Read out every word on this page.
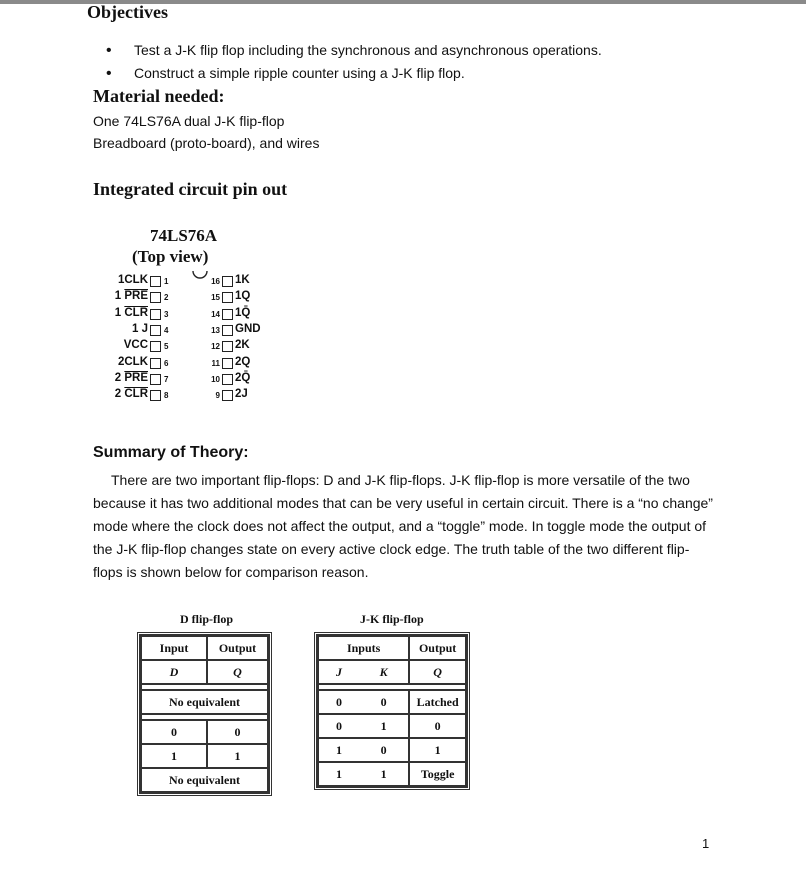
Objectives
• Test a J-K flip flop including the synchronous and asynchronous operations.
• Construct a simple ripple counter using a J-K flip flop.
Material needed:

One 74LS76A dual J-K flip-flop

Breadboard (proto-board), and wires

Integrated circuit pin out
74LS76A
(Top view)
1CLK 1
1 $\overline{PRE}$ 2
1 $\overline{CLR}$ 3
1 J 4
VCC 5
2CLK 6
2 $\overline{PRE}$ 7
2 $\overline{CLR}$ 8
16 1K
15 1Q
14 1Q̄
13 GND
12 2K
11 2Q
10 2Q̄
9 2J
Summary of Theory:

There are two important flip-flops: D and J-K flip-flops. J-K flip-flop is more versatile of the two because it has two additional modes that can be very useful in certain circuit. There is a “no change” mode where the clock does not affect the output, and a “toggle” mode. In toggle mode the output of the J-K flip-flop changes state on every active clock edge. The truth table of the two different flip-flops is shown below for comparison reason.

D flip-flop
Input	Output
D	Q

No equivalent	

0	0
1	1
No equivalent	
J-K flip-flop
Inputs		Output
J	K	Q

0	0	Latched
0	1	0
1	0	1
1	1	Toggle
1
